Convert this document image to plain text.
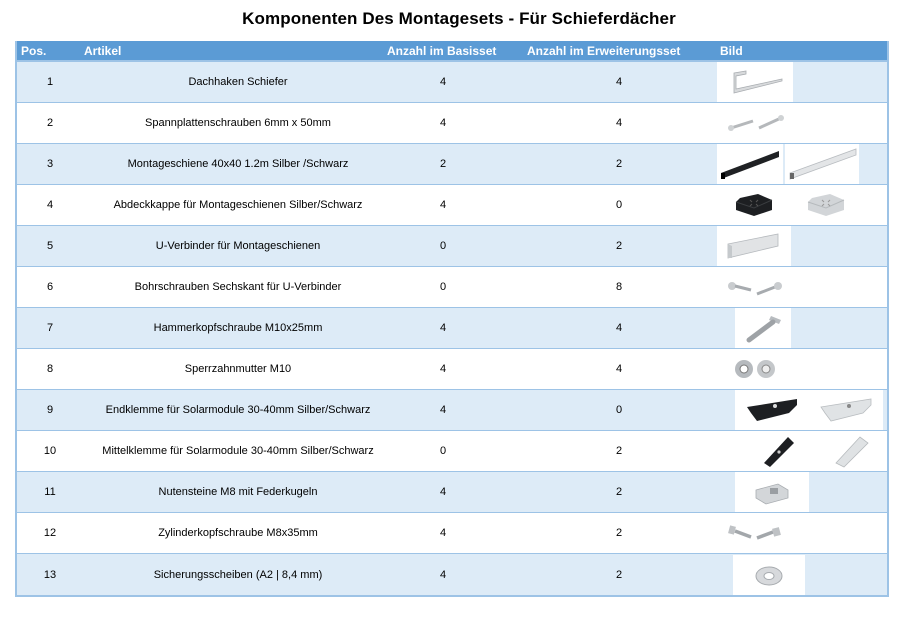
Komponenten Des Montagesets - Für Schieferdächer
Pos.	Artikel	Anzahl im Basisset	Anzahl im Erweiterungsset	Bild
1	Dachhaken Schiefer	4	4
2	Spannplattenschrauben 6mm x 50mm	4	4
3	Montageschiene 40x40 1.2m Silber /Schwarz	2	2
4	Abdeckkappe für Montageschienen Silber/Schwarz	4	0
5	U-Verbinder für Montageschienen	0	2
6	Bohrschrauben Sechskant für U-Verbinder	0	8
7	Hammerkopfschraube M10x25mm	4	4
8	Sperrzahnmutter M10	4	4
9	Endklemme für Solarmodule 30-40mm Silber/Schwarz	4	0
10	Mittelklemme für Solarmodule 30-40mm Silber/Schwarz	0	2
11	Nutensteine M8 mit Federkugeln	4	2
12	Zylinderkopfschraube M8x35mm	4	2
13	Sicherungsscheiben (A2 | 8,4 mm)	4	2
